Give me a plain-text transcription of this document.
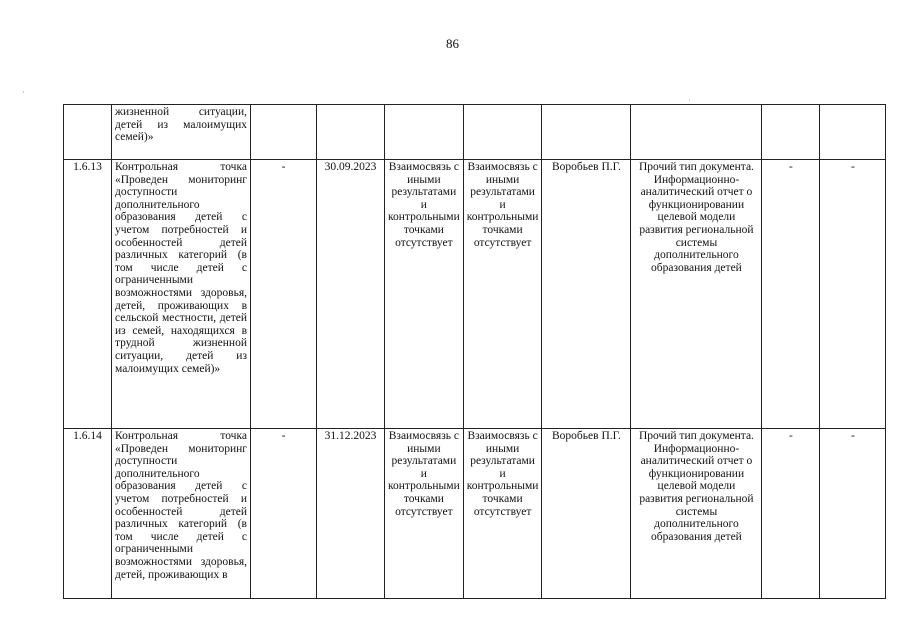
86
·
·
	жизненной ситуации, детей из малоимущих семей)»								
1.6.13	Контрольная точка «Проведен мониторинг доступности дополнительного образования детей с учетом потребностей и особенностей детей различных категорий (в том числе детей с ограниченными возможностями здоровья, детей, проживающих в сельской местности, детей из семей, находящихся в трудной жизненной ситуации, детей из малоимущих семей)»	-	30.09.2023	Взаимосвязь с иными результатами и контрольными точками отсутствует	Взаимосвязь с иными результатами и контрольными точками отсутствует	Воробьев П.Г.	Прочий тип документа. Информационно-аналитический отчет о функционировании целевой модели развития региональной системы дополнительного образования детей	-	-
1.6.14	Контрольная точка «Проведен мониторинг доступности дополнительного образования детей с учетом потребностей и особенностей детей различных категорий (в том числе детей с ограниченными возможностями здоровья, детей, проживающих в	-	31.12.2023	Взаимосвязь с иными результатами и контрольными точками отсутствует	Взаимосвязь с иными результатами и контрольными точками отсутствует	Воробьев П.Г.	Прочий тип документа. Информационно-аналитический отчет о функционировании целевой модели развития региональной системы дополнительного образования детей	-	-
